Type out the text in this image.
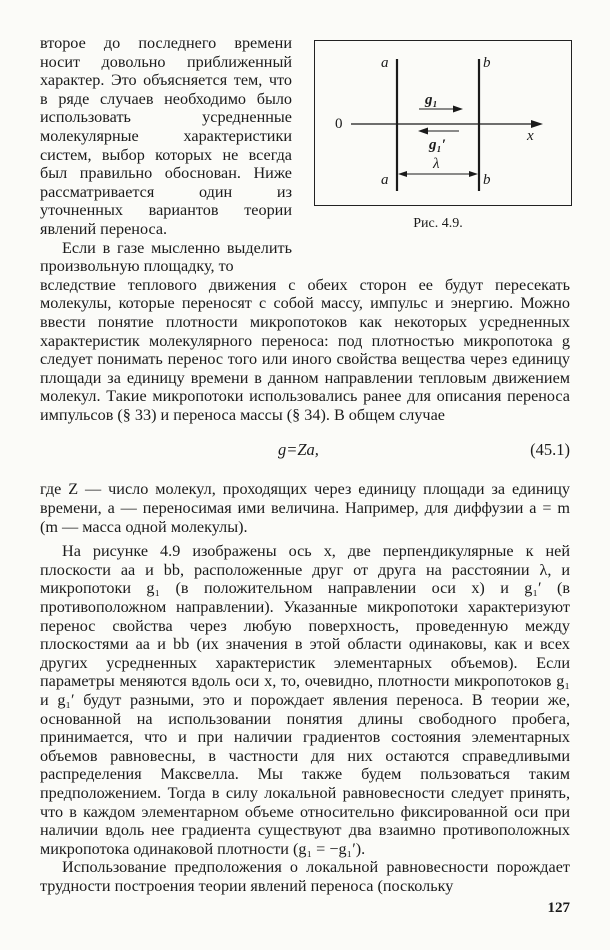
a	b
a	b
0
x
g₁
g₁′
λ
Рис. 4.9.

второе до последнего времени носит довольно приближенный характер. Это объясняется тем, что в ряде случаев необходимо было использовать усредненные молекулярные характеристики систем, выбор которых не всегда был правильно обоснован. Ниже рассматривается один из уточненных вариантов теории явлений переноса.

Если в газе мысленно выделить произвольную площадку, то

вследствие теплового движения с обеих сторон ее будут пересекать молекулы, которые переносят с собой массу, импульс и энергию. Можно ввести понятие плотности микропотоков как некоторых усредненных характеристик молекулярного переноса: под плотностью микропотока g следует понимать перенос того или иного свойства вещества через единицу площади за единицу времени в данном направлении тепловым движением молекул. Такие микропотоки использовались ранее для описания переноса импульсов (§ 33) и переноса массы (§ 34). В общем случае

g=Za,	(45.1)

где Z — число молекул, проходящих через единицу площади за единицу времени, a — переносимая ими величина. Например, для диффузии a = m (m — масса одной молекулы).

На рисунке 4.9 изображены ось x, две перпендикулярные к ней плоскости aa и bb, расположенные друг от друга на расстоянии λ, и микропотоки g₁ (в положительном направлении оси x) и g₁′ (в противоположном направлении). Указанные микропотоки характеризуют перенос свойства через любую поверхность, проведенную между плоскостями aa и bb (их значения в этой области одинаковы, как и всех других усредненных характеристик элементарных объемов). Если параметры меняются вдоль оси x, то, очевидно, плотности микропотоков g₁ и g₁′ будут разными, это и порождает явления переноса. В теории же, основанной на использовании понятия длины свободного пробега, принимается, что и при наличии градиентов состояния элементарных объемов равновесны, в частности для них остаются справедливыми распределения Максвелла. Мы также будем пользоваться таким предположением. Тогда в силу локальной равновесности следует принять, что в каждом элементарном объеме относительно фиксированной оси при наличии вдоль нее градиента существуют два взаимно противоположных микропотока одинаковой плотности (g₁ = −g₁′).

Использование предположения о локальной равновесности порождает трудности построения теории явлений переноса (поскольку

127
